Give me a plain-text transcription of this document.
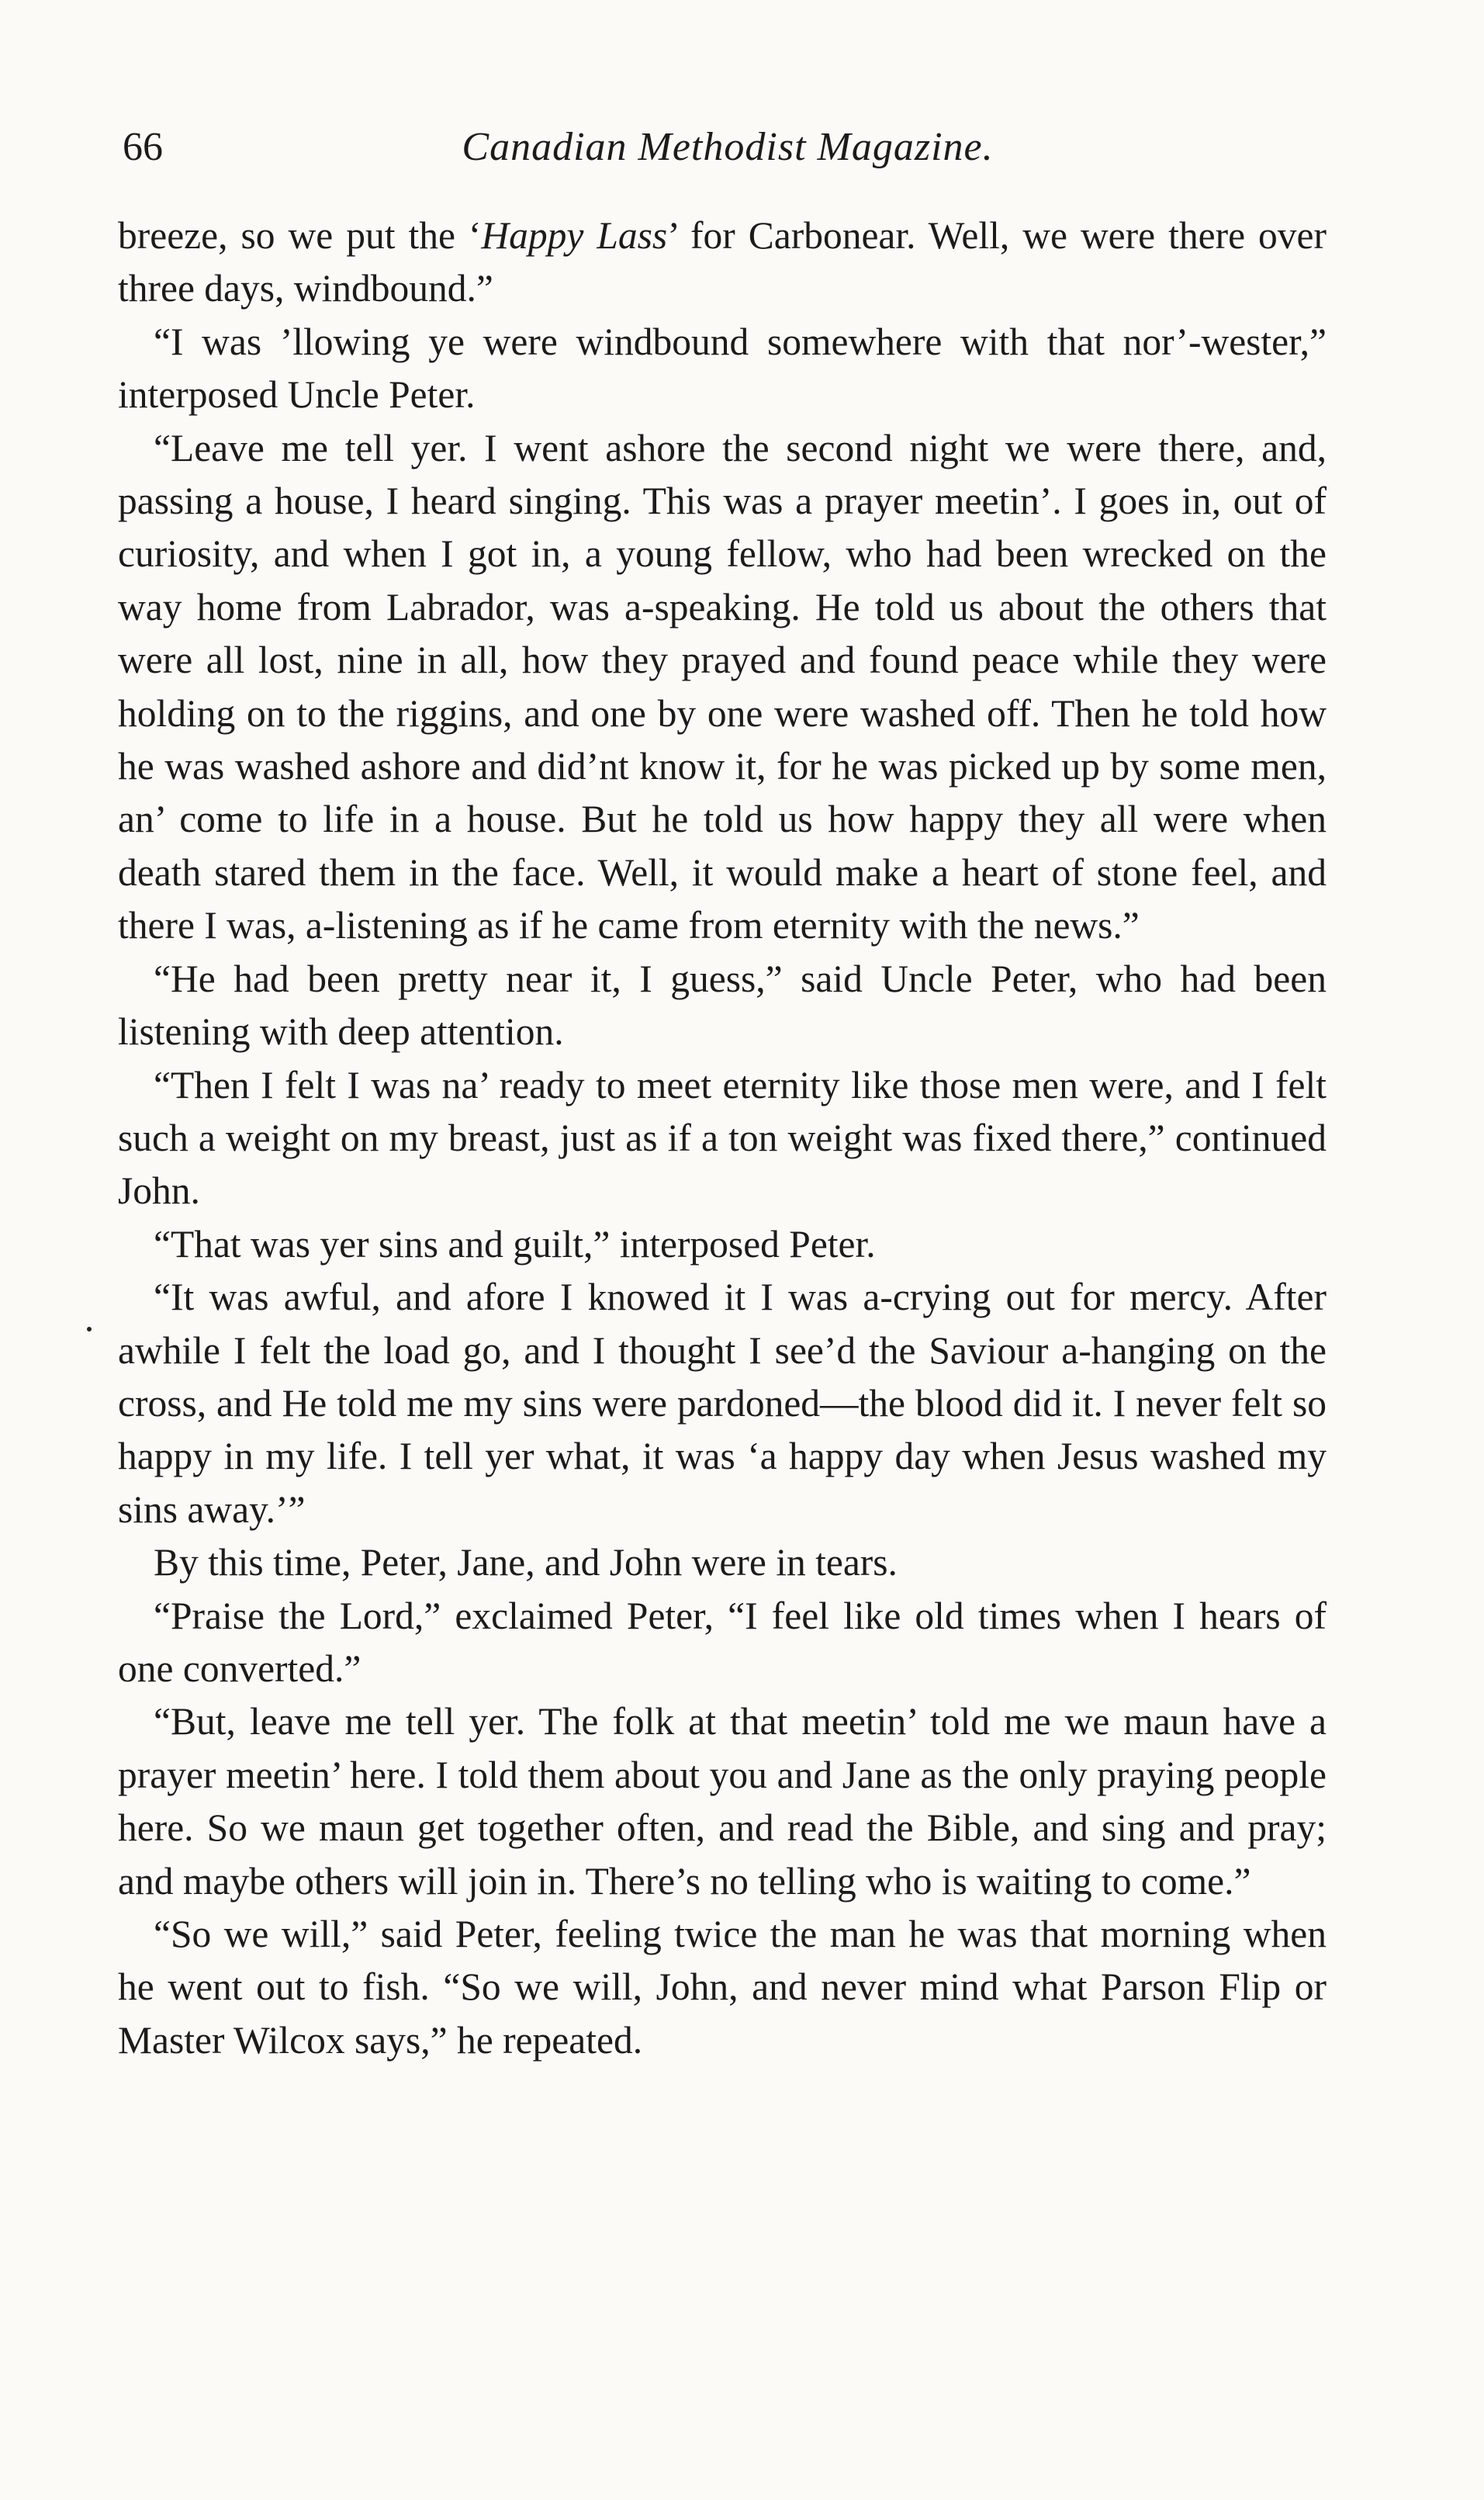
66	Canadian Methodist Magazine.

breeze, so we put the ‘Happy Lass’ for Carbonear. Well, we were there over three days, windbound.”

“I was ’llowing ye were windbound somewhere with that nor’-wester,” interposed Uncle Peter.

“Leave me tell yer. I went ashore the second night we were there, and, passing a house, I heard singing. This was a prayer meetin’. I goes in, out of curiosity, and when I got in, a young fellow, who had been wrecked on the way home from Labrador, was a-speaking. He told us about the others that were all lost, nine in all, how they prayed and found peace while they were holding on to the riggins, and one by one were washed off. Then he told how he was washed ashore and did’nt know it, for he was picked up by some men, an’ come to life in a house. But he told us how happy they all were when death stared them in the face. Well, it would make a heart of stone feel, and there I was, a-listening as if he came from eternity with the news.”

“He had been pretty near it, I guess,” said Uncle Peter, who had been listening with deep attention.

“Then I felt I was na’ ready to meet eternity like those men were, and I felt such a weight on my breast, just as if a ton weight was fixed there,” continued John.

“That was yer sins and guilt,” interposed Peter.

“It was awful, and afore I knowed it I was a-crying out for mercy. After awhile I felt the load go, and I thought I see’d the Saviour a-hanging on the cross, and He told me my sins were pardoned—the blood did it. I never felt so happy in my life. I tell yer what, it was ‘a happy day when Jesus washed my sins away.’”

By this time, Peter, Jane, and John were in tears.

“Praise the Lord,” exclaimed Peter, “I feel like old times when I hears of one converted.”

“But, leave me tell yer. The folk at that meetin’ told me we maun have a prayer meetin’ here. I told them about you and Jane as the only praying people here. So we maun get together often, and read the Bible, and sing and pray; and maybe others will join in. There’s no telling who is waiting to come.”

“So we will,” said Peter, feeling twice the man he was that morning when he went out to fish. “So we will, John, and never mind what Parson Flip or Master Wilcox says,” he repeated.
